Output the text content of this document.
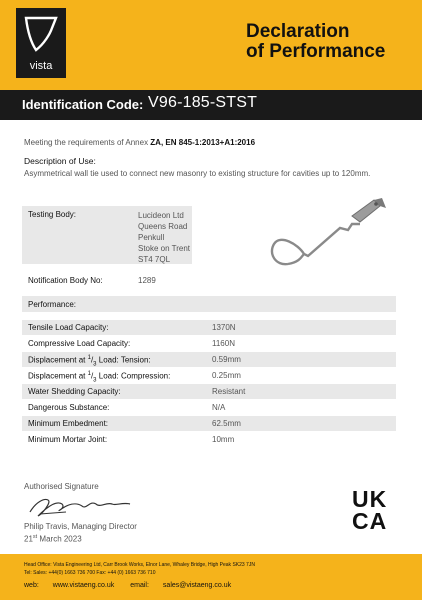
vista
Declaration
of Performance
Identification Code: V96-185-STST
Meeting the requirements of Annex ZA, EN 845-1:2013+A1:2016
Description of Use:
Asymmetrical wall tie used to connect new masonry to existing structure for cavities up to 120mm.
Testing Body:	Lucideon Ltd
Queens Road
Penkull
Stoke on Trent
ST4 7QL
Notification Body No:	1289
Performance:
Tensile Load Capacity:	1370N
Compressive Load Capacity:	1160N
Displacement at $^1/_3$ Load: Tension:	0.59mm
Displacement at $^1/_3$ Load: Compression:	0.25mm
Water Shedding Capacity:	Resistant
Dangerous Substance:	N/A
Minimum Embedment:	62.5mm
Minimum Mortar Joint:	10mm
Authorised Signature
Philip Travis, Managing Director
21st March 2023
UK
CA
Head Office: Vista Engineering Ltd, Carr Brook Works, Elnor Lane, Whaley Bridge, High Peak SK23 7JN
Tel: Sales: +44(0) 1663 736 700 Fax: +44 (0) 1663 736 710
web: www.vistaeng.co.uk email: sales@vistaeng.co.uk
